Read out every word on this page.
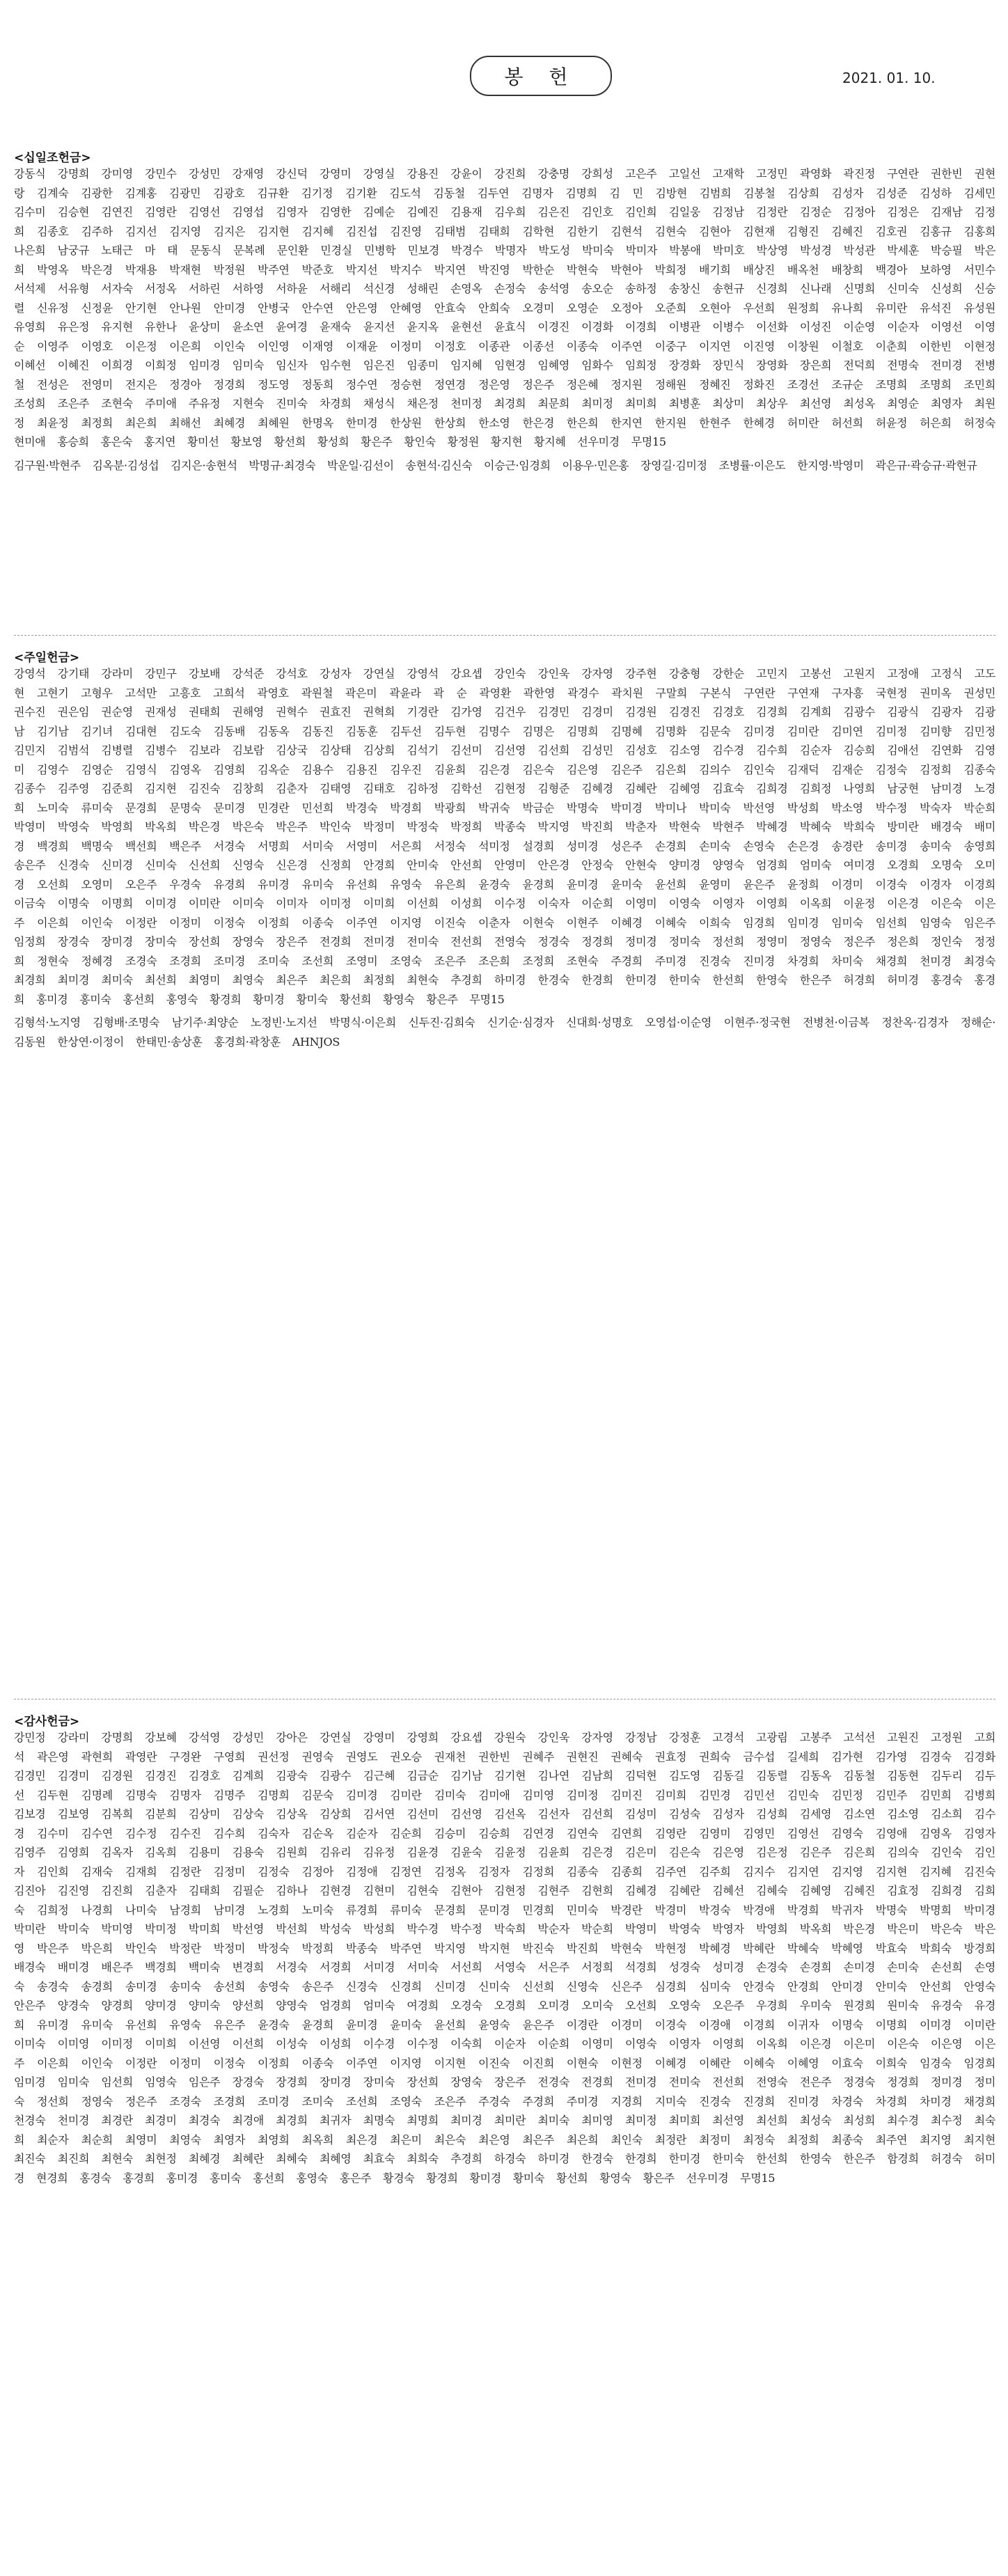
봉 헌	2021. 01. 10.
<십일조헌금>
강동식 강명희 강미영 강민수 강성민 강재영 강신덕 강영미 강영실 강용진 강윤이 강진희 강충명 강희성 고은주 고일선 고재학 고정민 곽영화 곽진정 구연란 권한빈 권현랑 김계숙 김광한 김계홍 김광민 김광호 김규환 김기정 김기환 김도석 김동철 김두연 김명자 김명희 김 민 김방현 김범희 김봉철 김상희 김성자 김성준 김성하 김세민 김수미 김승현 김연진 김영란 김영선 김영섭 김영자 김영한 김예순 김예진 김용재 김우희 김은진 김인호 김인희 김일웅 김정남 김정란 김정순 김정아 김정은 김재남 김정희 김종호 김주하 김지선 김지영 김지은 김지현 김지혜 김진섭 김진영 김태범 김태희 김학현 김한기 김현석 김현숙 김현아 김현재 김형진 김혜진 김호권 김홍규 김홍희 나은희 남궁규 노태근 마 태 문동식 문복례 문인환 민경실 민병학 민보경 박경수 박명자 박도성 박미숙 박미자 박봉애 박미호 박상영 박성경 박성관 박세훈 박승필 박은희 박영옥 박은경 박재용 박재현 박정원 박주연 박준호 박지선 박지수 박지연 박진영 박한순 박현숙 박현아 박희정 배기희 배상진 배옥천 배창희 백경아 보하영 서민수 서석제 서유형 서자숙 서정옥 서하린 서하영 서하윤 서해리 석신경 성해린 손영옥 손정숙 송석영 송오순 송하정 송창신 송현규 신경희 신나래 신명희 신미숙 신성희 신승렬 신유정 신정윤 안기현 안나원 안미경 안병국 안수연 안은영 안혜영 안효숙 안희숙 오경미 오영순 오정아 오준희 오현아 우선희 원정희 유나희 유미란 유석진 유성원 유영희 유은정 유지현 유한나 윤상미 윤소연 윤여경 윤재숙 윤지선 윤지옥 윤현선 윤효식 이경진 이경화 이경희 이병관 이병수 이선화 이성진 이순영 이순자 이영선 이영순 이영주 이영호 이은정 이은희 이인숙 이인영 이재영 이재윤 이정미 이정호 이종관 이종선 이종숙 이주연 이중구 이지연 이진영 이창원 이철호 이춘희 이한빈 이현정 이혜선 이혜진 이희경 이희정 임미경 임미숙 임신자 임수현 임은진 임종미 임지혜 임현경 임혜영 임화수 임희정 장경화 장민식 장영화 장은희 전덕희 전명숙 전미경 전병철 전성은 전영미 전지은 정경아 정경희 정도영 정동희 정수연 정승현 정연경 정은영 정은주 정은혜 정지원 정해원 정혜진 정화진 조경선 조규순 조명희 조명희 조민희 조성희 조은주 조현숙 주미애 주유정 지현숙 진미숙 차경희 채성식 채은정 천미정 최경희 최문희 최미정 최미희 최병훈 최상미 최상우 최선영 최성옥 최영순 최영자 최원정 최윤정 최정희 최은희 최해선 최혜경 최혜원 한명옥 한미경 한상원 한상희 한소영 한은경 한은희 한지연 한지원 한현주 한혜경 허미란 허선희 허윤정 허은희 허정숙 현미애 홍승희 홍은숙 홍지연 황미선 황보영 황선희 황성희 황은주 황인숙 황정원 황지현 황지혜 선우미경 무명15
김구원·박현주 김옥분·김성섭 김지은·송현석 박명규·최경숙 박운일·김선이 송현석·김신숙 이승근·임경희 이용우·민은홍 장영길·김미정 조병률·이은도 한지영·박영미 곽은규·곽승규·곽현규
<주일헌금>
강영석 강기태 강라미 강민구 강보배 강석준 강석호 강성자 강연실 강영석 강요셉 강인숙 강인욱 강자영 강주현 강충형 강한순 고민지 고봉선 고원지 고정애 고정식 고도현 고현기 고형우 고석만 고흥호 고희석 곽영호 곽원철 곽은미 곽윤라 곽 순 곽영환 곽한영 곽경수 곽치원 구말희 구본식 구연란 구연재 구자흥 국현정 권미옥 권성민 권수진 권은임 권순영 권재성 권태희 권해영 권혁수 권효진 권혁희 기경란 김가영 김건우 김경민 김경미 김경원 김경진 김경호 김경희 김계희 김광수 김광식 김광자 김광남 김기남 김기녀 김대현 김도숙 김동배 김동옥 김동진 김동훈 김두선 김두현 김명수 김명은 김명희 김명혜 김명화 김문숙 김미경 김미란 김미연 김미정 김미향 김민정 김민지 김범석 김병렬 김병수 김보라 김보람 김상국 김상태 김상희 김석기 김선미 김선영 김선희 김성민 김성호 김소영 김수경 김수희 김순자 김승희 김애선 김연화 김영미 김영수 김영순 김영식 김영옥 김영희 김옥순 김용수 김용진 김우진 김윤희 김은경 김은숙 김은영 김은주 김은희 김의수 김인숙 김재덕 김재순 김정숙 김정희 김종숙 김종수 김주영 김준희 김지현 김진숙 김창희 김춘자 김태영 김태호 김하정 김학선 김현정 김형준 김혜경 김혜란 김혜영 김효숙 김희경 김희정 나영희 남궁현 남미경 노경희 노미숙 류미숙 문경희 문명숙 문미경 민경란 민선희 박경숙 박경희 박광희 박귀숙 박금순 박명숙 박미경 박미나 박미숙 박선영 박성희 박소영 박수정 박숙자 박순희 박영미 박영숙 박영희 박옥희 박은경 박은숙 박은주 박인숙 박정미 박정숙 박정희 박종숙 박지영 박진희 박춘자 박현숙 박현주 박혜경 박혜숙 박희숙 방미란 배경숙 배미경 백경희 백명숙 백선희 백은주 서경숙 서명희 서미숙 서영미 서은희 서정숙 석미정 설경희 성미경 성은주 손경희 손미숙 손영숙 손은경 송경란 송미경 송미숙 송영희 송은주 신경숙 신미경 신미숙 신선희 신영숙 신은경 신정희 안경희 안미숙 안선희 안영미 안은경 안정숙 안현숙 양미경 양영숙 엄경희 엄미숙 여미경 오경희 오명숙 오미경 오선희 오영미 오은주 우경숙 유경희 유미경 유미숙 유선희 유영숙 유은희 윤경숙 윤경희 윤미경 윤미숙 윤선희 윤영미 윤은주 윤정희 이경미 이경숙 이경자 이경희 이금숙 이명숙 이명희 이미경 이미란 이미숙 이미자 이미정 이미희 이선희 이성희 이수정 이숙자 이순희 이영미 이영숙 이영자 이영희 이옥희 이윤정 이은경 이은숙 이은주 이은희 이인숙 이정란 이정미 이정숙 이정희 이종숙 이주연 이지영 이진숙 이춘자 이현숙 이현주 이혜경 이혜숙 이희숙 임경희 임미경 임미숙 임선희 임영숙 임은주 임정희 장경숙 장미경 장미숙 장선희 장영숙 장은주 전경희 전미경 전미숙 전선희 전영숙 정경숙 정경희 정미경 정미숙 정선희 정영미 정영숙 정은주 정은희 정인숙 정정희 정현숙 정혜경 조경숙 조경희 조미경 조미숙 조선희 조영미 조영숙 조은주 조은희 조정희 조현숙 주경희 주미경 진경숙 진미경 차경희 차미숙 채경희 천미경 최경숙 최경희 최미경 최미숙 최선희 최영미 최영숙 최은주 최은희 최정희 최현숙 추경희 하미경 한경숙 한경희 한미경 한미숙 한선희 한영숙 한은주 허경희 허미경 홍경숙 홍경희 홍미경 홍미숙 홍선희 홍영숙 황경희 황미경 황미숙 황선희 황영숙 황은주 무명15
김형석·노지영 김형배·조명숙 남기주·최양순 노정빈·노지선 박명식·이은희 신두진·김희숙 신기순·심경자 신대희·성명호 오영섭·이순영 이현주·정국현 전병천·이금복 정찬옥·김경자 정해순·김동원 한상연·이정이 한태민·송상훈 홍경희·곽창훈 AHNJOS
<감사헌금>
강민정 강라미 강명희 강보혜 강석영 강성민 강아은 강연실 강영미 강영희 강요셉 강원숙 강인욱 강자영 강정남 강정훈 고경석 고광림 고봉주 고석선 고원진 고정원 고희석 곽은영 곽현희 곽영란 구경완 구영희 권선정 권영숙 권영도 권오승 권재천 권한빈 권혜주 권현진 권혜숙 권효정 권희숙 금수섭 길세희 김가현 김가영 김경숙 김경화 김경민 김경미 김경원 김경진 김경호 김계희 김광숙 김광수 김근혜 김금순 김기남 김기현 김나연 김남희 김덕현 김도영 김동길 김동렬 김동옥 김동철 김동현 김두리 김두선 김두현 김명례 김명숙 김명자 김명주 김명희 김문숙 김미경 김미란 김미숙 김미애 김미영 김미정 김미진 김미희 김민경 김민선 김민숙 김민정 김민주 김민희 김병희 김보경 김보영 김복희 김분희 김상미 김상숙 김상옥 김상희 김서연 김선미 김선영 김선옥 김선자 김선희 김성미 김성숙 김성자 김성희 김세영 김소연 김소영 김소희 김수경 김수미 김수연 김수정 김수진 김수희 김숙자 김순옥 김순자 김순희 김승미 김승희 김연경 김연숙 김연희 김영란 김영미 김영민 김영선 김영숙 김영애 김영옥 김영자 김영주 김영희 김옥자 김옥희 김용미 김용숙 김원희 김유리 김유정 김윤경 김윤숙 김윤정 김윤희 김은경 김은미 김은숙 김은영 김은정 김은주 김은희 김의숙 김인숙 김인자 김인희 김재숙 김재희 김정란 김정미 김정숙 김정아 김정애 김정연 김정옥 김정자 김정희 김종숙 김종희 김주연 김주희 김지수 김지연 김지영 김지현 김지혜 김진숙 김진아 김진영 김진희 김춘자 김태희 김필순 김하나 김현경 김현미 김현숙 김현아 김현정 김현주 김현희 김혜경 김혜란 김혜선 김혜숙 김혜영 김혜진 김효정 김희경 김희숙 김희정 나경희 나미숙 남경희 남미경 노경희 노미숙 류경희 류미숙 문경희 문미경 민경희 민미숙 박경란 박경미 박경숙 박경애 박경희 박귀자 박명숙 박명희 박미경 박미란 박미숙 박미영 박미정 박미희 박선영 박선희 박성숙 박성희 박수경 박수정 박숙희 박순자 박순희 박영미 박영숙 박영자 박영희 박옥희 박은경 박은미 박은숙 박은영 박은주 박은희 박인숙 박정란 박정미 박정숙 박정희 박종숙 박주연 박지영 박지현 박진숙 박진희 박현숙 박현정 박혜경 박혜란 박혜숙 박혜영 박효숙 박희숙 방경희 배경숙 배미경 배은주 백경희 백미숙 변경희 서경숙 서경희 서미경 서미숙 서선희 서영숙 서은주 서정희 석경희 성경숙 성미경 손경숙 손경희 손미경 손미숙 손선희 손영숙 송경숙 송경희 송미경 송미숙 송선희 송영숙 송은주 신경숙 신경희 신미경 신미숙 신선희 신영숙 신은주 심경희 심미숙 안경숙 안경희 안미경 안미숙 안선희 안영숙 안은주 양경숙 양경희 양미경 양미숙 양선희 양영숙 엄경희 엄미숙 여경희 오경숙 오경희 오미경 오미숙 오선희 오영숙 오은주 우경희 우미숙 원경희 원미숙 유경숙 유경희 유미경 유미숙 유선희 유영숙 유은주 윤경숙 윤경희 윤미경 윤미숙 윤선희 윤영숙 윤은주 이경란 이경미 이경숙 이경애 이경희 이귀자 이명숙 이명희 이미경 이미란 이미숙 이미영 이미정 이미희 이선영 이선희 이성숙 이성희 이수경 이수정 이숙희 이순자 이순희 이영미 이영숙 이영자 이영희 이옥희 이은경 이은미 이은숙 이은영 이은주 이은희 이인숙 이정란 이정미 이정숙 이정희 이종숙 이주연 이지영 이지현 이진숙 이진희 이현숙 이현정 이혜경 이혜란 이혜숙 이혜영 이효숙 이희숙 임경숙 임경희 임미경 임미숙 임선희 임영숙 임은주 장경숙 장경희 장미경 장미숙 장선희 장영숙 장은주 전경숙 전경희 전미경 전미숙 전선희 전영숙 전은주 정경숙 정경희 정미경 정미숙 정선희 정영숙 정은주 조경숙 조경희 조미경 조미숙 조선희 조영숙 조은주 주경숙 주경희 주미경 지경희 지미숙 진경숙 진경희 진미경 차경숙 차경희 차미경 채경희 천경숙 천미경 최경란 최경미 최경숙 최경애 최경희 최귀자 최명숙 최명희 최미경 최미란 최미숙 최미영 최미정 최미희 최선영 최선희 최성숙 최성희 최수경 최수정 최숙희 최순자 최순희 최영미 최영숙 최영자 최영희 최옥희 최은경 최은미 최은숙 최은영 최은주 최은희 최인숙 최정란 최정미 최정숙 최정희 최종숙 최주연 최지영 최지현 최진숙 최진희 최현숙 최현정 최혜경 최혜란 최혜숙 최혜영 최효숙 최희숙 추경희 하경숙 하미경 한경숙 한경희 한미경 한미숙 한선희 한영숙 한은주 함경희 허경숙 허미경 현경희 홍경숙 홍경희 홍미경 홍미숙 홍선희 홍영숙 홍은주 황경숙 황경희 황미경 황미숙 황선희 황영숙 황은주 선우미경 무명15
